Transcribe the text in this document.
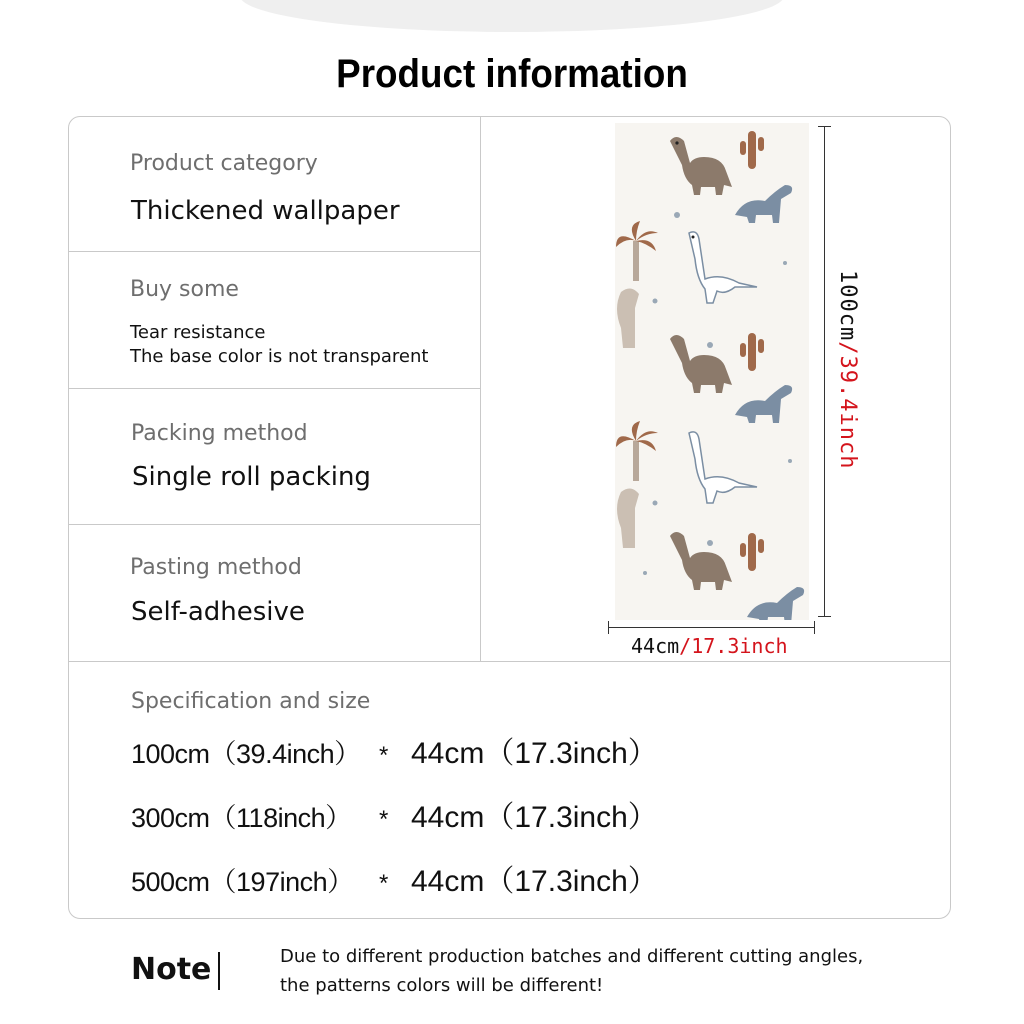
Product information
Product category
Thickened wallpaper
Buy some
Tear resistance
The base color is not transparent
Packing method
Single roll packing
Pasting method
Self-adhesive
Specification and size
100cm（39.4inch） * 44cm（17.3inch）
300cm（118inch） * 44cm（17.3inch）
500cm（197inch） * 44cm（17.3inch）
100cm/39.4inch
44cm/17.3inch
Note	Due to different production batches and different cutting angles,
the patterns colors will be different!
